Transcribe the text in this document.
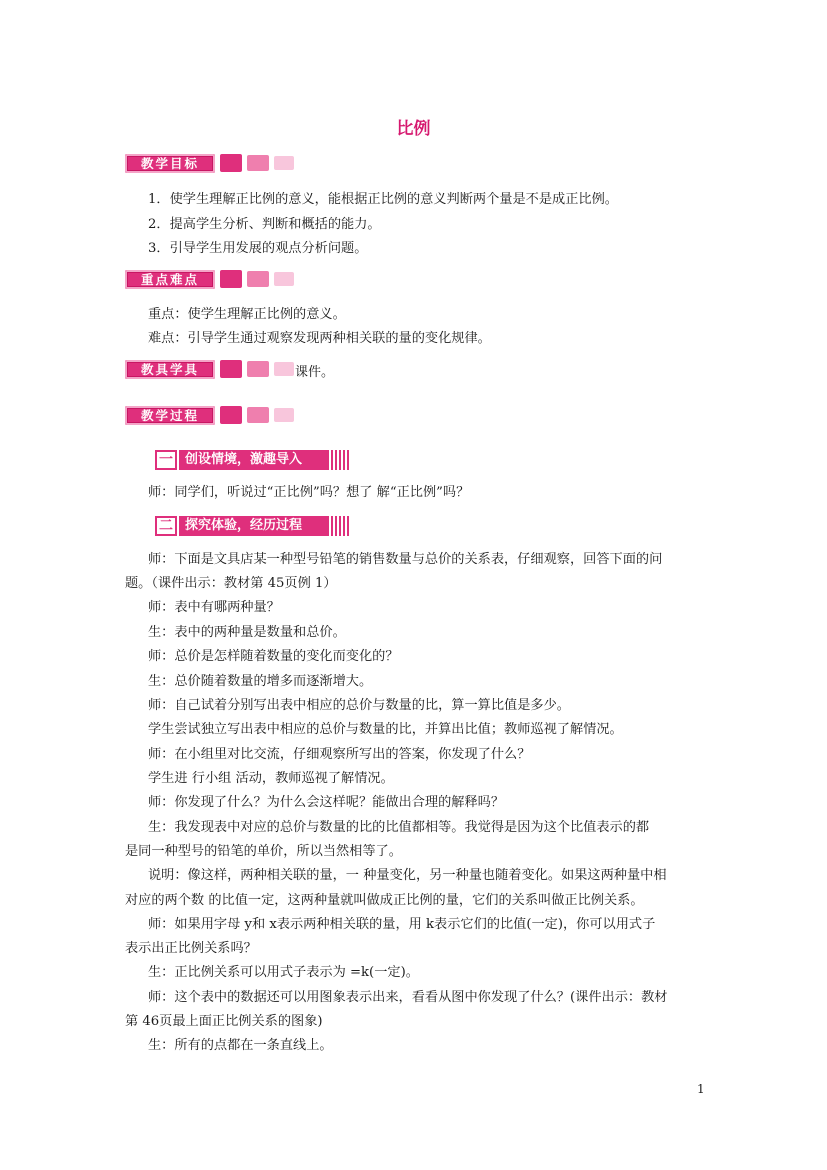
比例
教学目标
1．使学生理解正比例的意义，能根据正比例的意义判断两个量是不是成正比例。
2．提高学生分析、判断和概括的能力。
3．引导学生用发展的观点分析问题。
重点难点
重点：使学生理解正比例的意义。
难点：引导学生通过观察发现两种相关联的量的变化规律。
教具学具	课件。
教学过程
一 创设情境，激趣导入
师：同学们，听说过“正比例”吗？想了 解“正比例”吗？
二 探究体验，经历过程
师：下面是文具店某一种型号铅笔的销售数量与总价的关系表，仔细观察，回答下面的问
题。（课件出示：教材第 45页例 1）
师：表中有哪两种量？
生：表中的两种量是数量和总价。
师：总价是怎样随着数量的变化而变化的？
生：总价随着数量的增多而逐渐增大。
师：自己试着分别写出表中相应的总价与数量的比，算一算比值是多少。
学生尝试独立写出表中相应的总价与数量的比，并算出比值；教师巡视了解情况。
师：在小组里对比交流，仔细观察所写出的答案，你发现了什么？
学生进 行小组 活动，教师巡视了解情况。
师：你发现了什么？为什么会这样呢？能做出合理的解释吗？
生：我发现表中对应的总价与数量的比的比值都相等。我觉得是因为这个比值表示的都
是同一种型号的铅笔的单价，所以当然相等了。
说明：像这样，两种相关联的量，一 种量变化，另一种量也随着变化。如果这两种量中相
对应的两个数 的比值一定，这两种量就叫做成正比例的量，它们的关系叫做正比例关系。
师：如果用字母 y和 x表示两种相关联的量，用 k表示它们的比值(一定)，你可以用式子
表示出正比例关系吗？
生：正比例关系可以用式子表示为 =k(一定)。
师：这个表中的数据还可以用图象表示出来，看看从图中你发现了什么？(课件出示：教材
第 46页最上面正比例关系的图象)
生：所有的点都在一条直线上。
1
